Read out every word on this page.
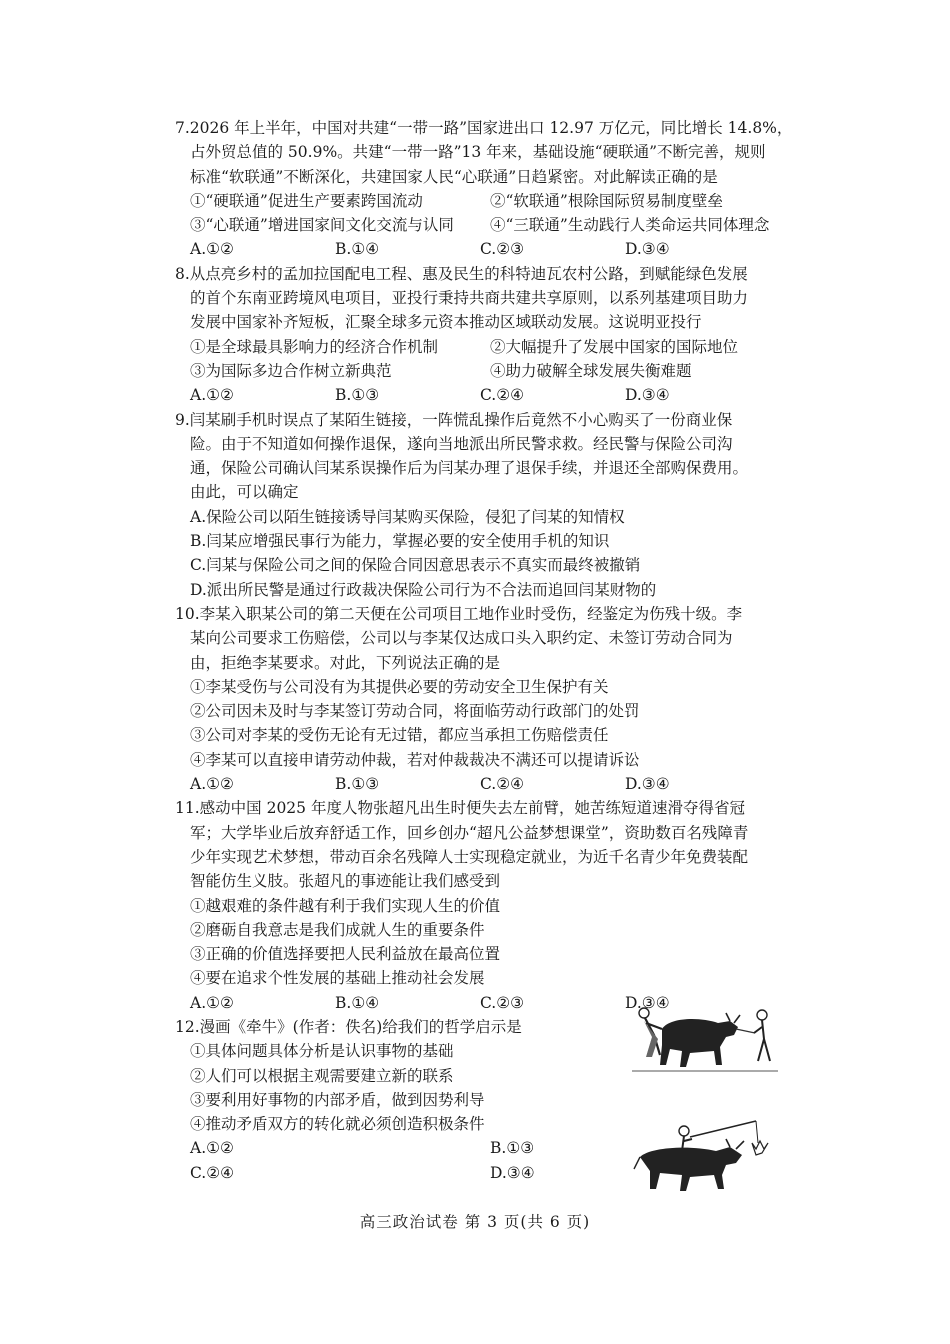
7.2026 年上半年，中国对共建“一带一路”国家进出口 12.97 万亿元，同比增长 14.8%，
占外贸总值的 50.9%。共建“一带一路”13 年来，基础设施“硬联通”不断完善，规则
标准“软联通”不断深化，共建国家人民“心联通”日趋紧密。对此解读正确的是
①“硬联通”促进生产要素跨国流动	②“软联通”根除国际贸易制度壁垒
③“心联通”增进国家间文化交流与认同	④“三联通”生动践行人类命运共同体理念
A.①②	B.①④	C.②③	D.③④
8.从点亮乡村的孟加拉国配电工程、惠及民生的科特迪瓦农村公路，到赋能绿色发展
的首个东南亚跨境风电项目，亚投行秉持共商共建共享原则，以系列基建项目助力
发展中国家补齐短板，汇聚全球多元资本推动区域联动发展。这说明亚投行
①是全球最具影响力的经济合作机制	②大幅提升了发展中国家的国际地位
③为国际多边合作树立新典范	④助力破解全球发展失衡难题
A.①②	B.①③	C.②④	D.③④
9.闫某刷手机时误点了某陌生链接，一阵慌乱操作后竟然不小心购买了一份商业保
险。由于不知道如何操作退保，遂向当地派出所民警求救。经民警与保险公司沟
通，保险公司确认闫某系误操作后为闫某办理了退保手续，并退还全部购保费用。
由此，可以确定
A.保险公司以陌生链接诱导闫某购买保险，侵犯了闫某的知情权
B.闫某应增强民事行为能力，掌握必要的安全使用手机的知识
C.闫某与保险公司之间的保险合同因意思表示不真实而最终被撤销
D.派出所民警是通过行政裁决保险公司行为不合法而追回闫某财物的
10.李某入职某公司的第二天便在公司项目工地作业时受伤，经鉴定为伤残十级。李
某向公司要求工伤赔偿，公司以与李某仅达成口头入职约定、未签订劳动合同为
由，拒绝李某要求。对此，下列说法正确的是
①李某受伤与公司没有为其提供必要的劳动安全卫生保护有关
②公司因未及时与李某签订劳动合同，将面临劳动行政部门的处罚
③公司对李某的受伤无论有无过错，都应当承担工伤赔偿责任
④李某可以直接申请劳动仲裁，若对仲裁裁决不满还可以提请诉讼
A.①②	B.①③	C.②④	D.③④
11.感动中国 2025 年度人物张超凡出生时便失去左前臂，她苦练短道速滑夺得省冠
军；大学毕业后放弃舒适工作，回乡创办“超凡公益梦想课堂”，资助数百名残障青
少年实现艺术梦想，带动百余名残障人士实现稳定就业，为近千名青少年免费装配
智能仿生义肢。张超凡的事迹能让我们感受到
①越艰难的条件越有利于我们实现人生的价值
②磨砺自我意志是我们成就人生的重要条件
③正确的价值选择要把人民利益放在最高位置
④要在追求个性发展的基础上推动社会发展
A.①②	B.①④	C.②③	D.③④
12.漫画《牵牛》(作者：佚名)给我们的哲学启示是
①具体问题具体分析是认识事物的基础
②人们可以根据主观需要建立新的联系
③要利用好事物的内部矛盾，做到因势利导
④推动矛盾双方的转化就必须创造积极条件
A.①②	B.①③
C.②④	D.③④
高三政治试卷 第 3 页(共 6 页)
